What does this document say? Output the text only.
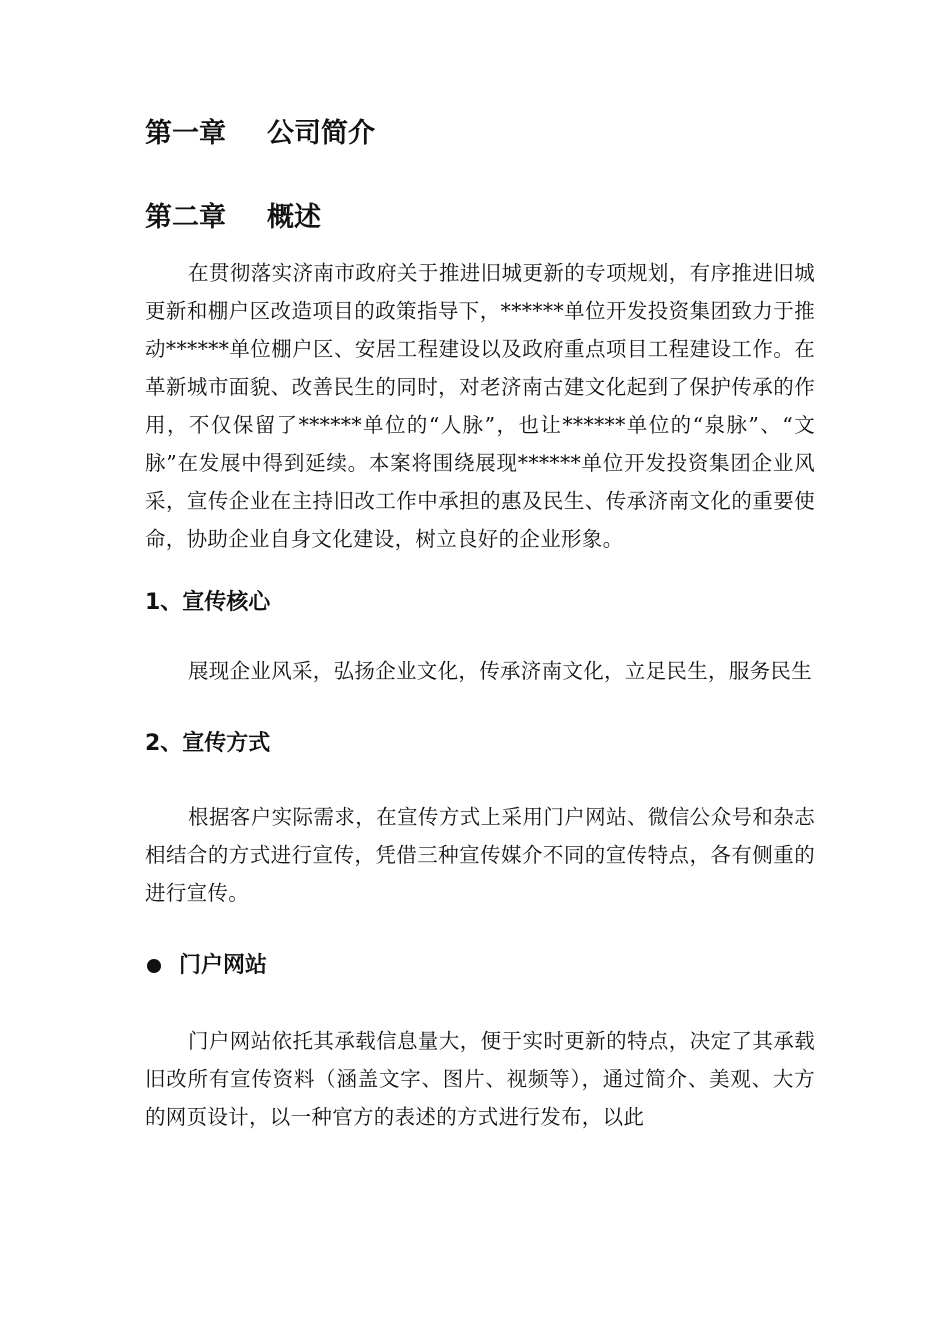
第一章 公司简介
第二章 概述

在贯彻落实济南市政府关于推进旧城更新的专项规划，有序推进旧城更新和棚户区改造项目的政策指导下，******单位开发投资集团致力于推动******单位棚户区、安居工程建设以及政府重点项目工程建设工作。在革新城市面貌、改善民生的同时，对老济南古建文化起到了保护传承的作用，不仅保留了******单位的“人脉”，也让******单位的“泉脉”、“文脉”在发展中得到延续。本案将围绕展现******单位开发投资集团企业风采，宣传企业在主持旧改工作中承担的惠及民生、传承济南文化的重要使命，协助企业自身文化建设，树立良好的企业形象。

1、宣传核心

展现企业风采，弘扬企业文化，传承济南文化，立足民生，服务民生

2、宣传方式

根据客户实际需求，在宣传方式上采用门户网站、微信公众号和杂志相结合的方式进行宣传，凭借三种宣传媒介不同的宣传特点，各有侧重的进行宣传。

门户网站

门户网站依托其承载信息量大，便于实时更新的特点，决定了其承载旧改所有宣传资料（涵盖文字、图片、视频等），通过简介、美观、大方的网页设计，以一种官方的表述的方式进行发布，以此
